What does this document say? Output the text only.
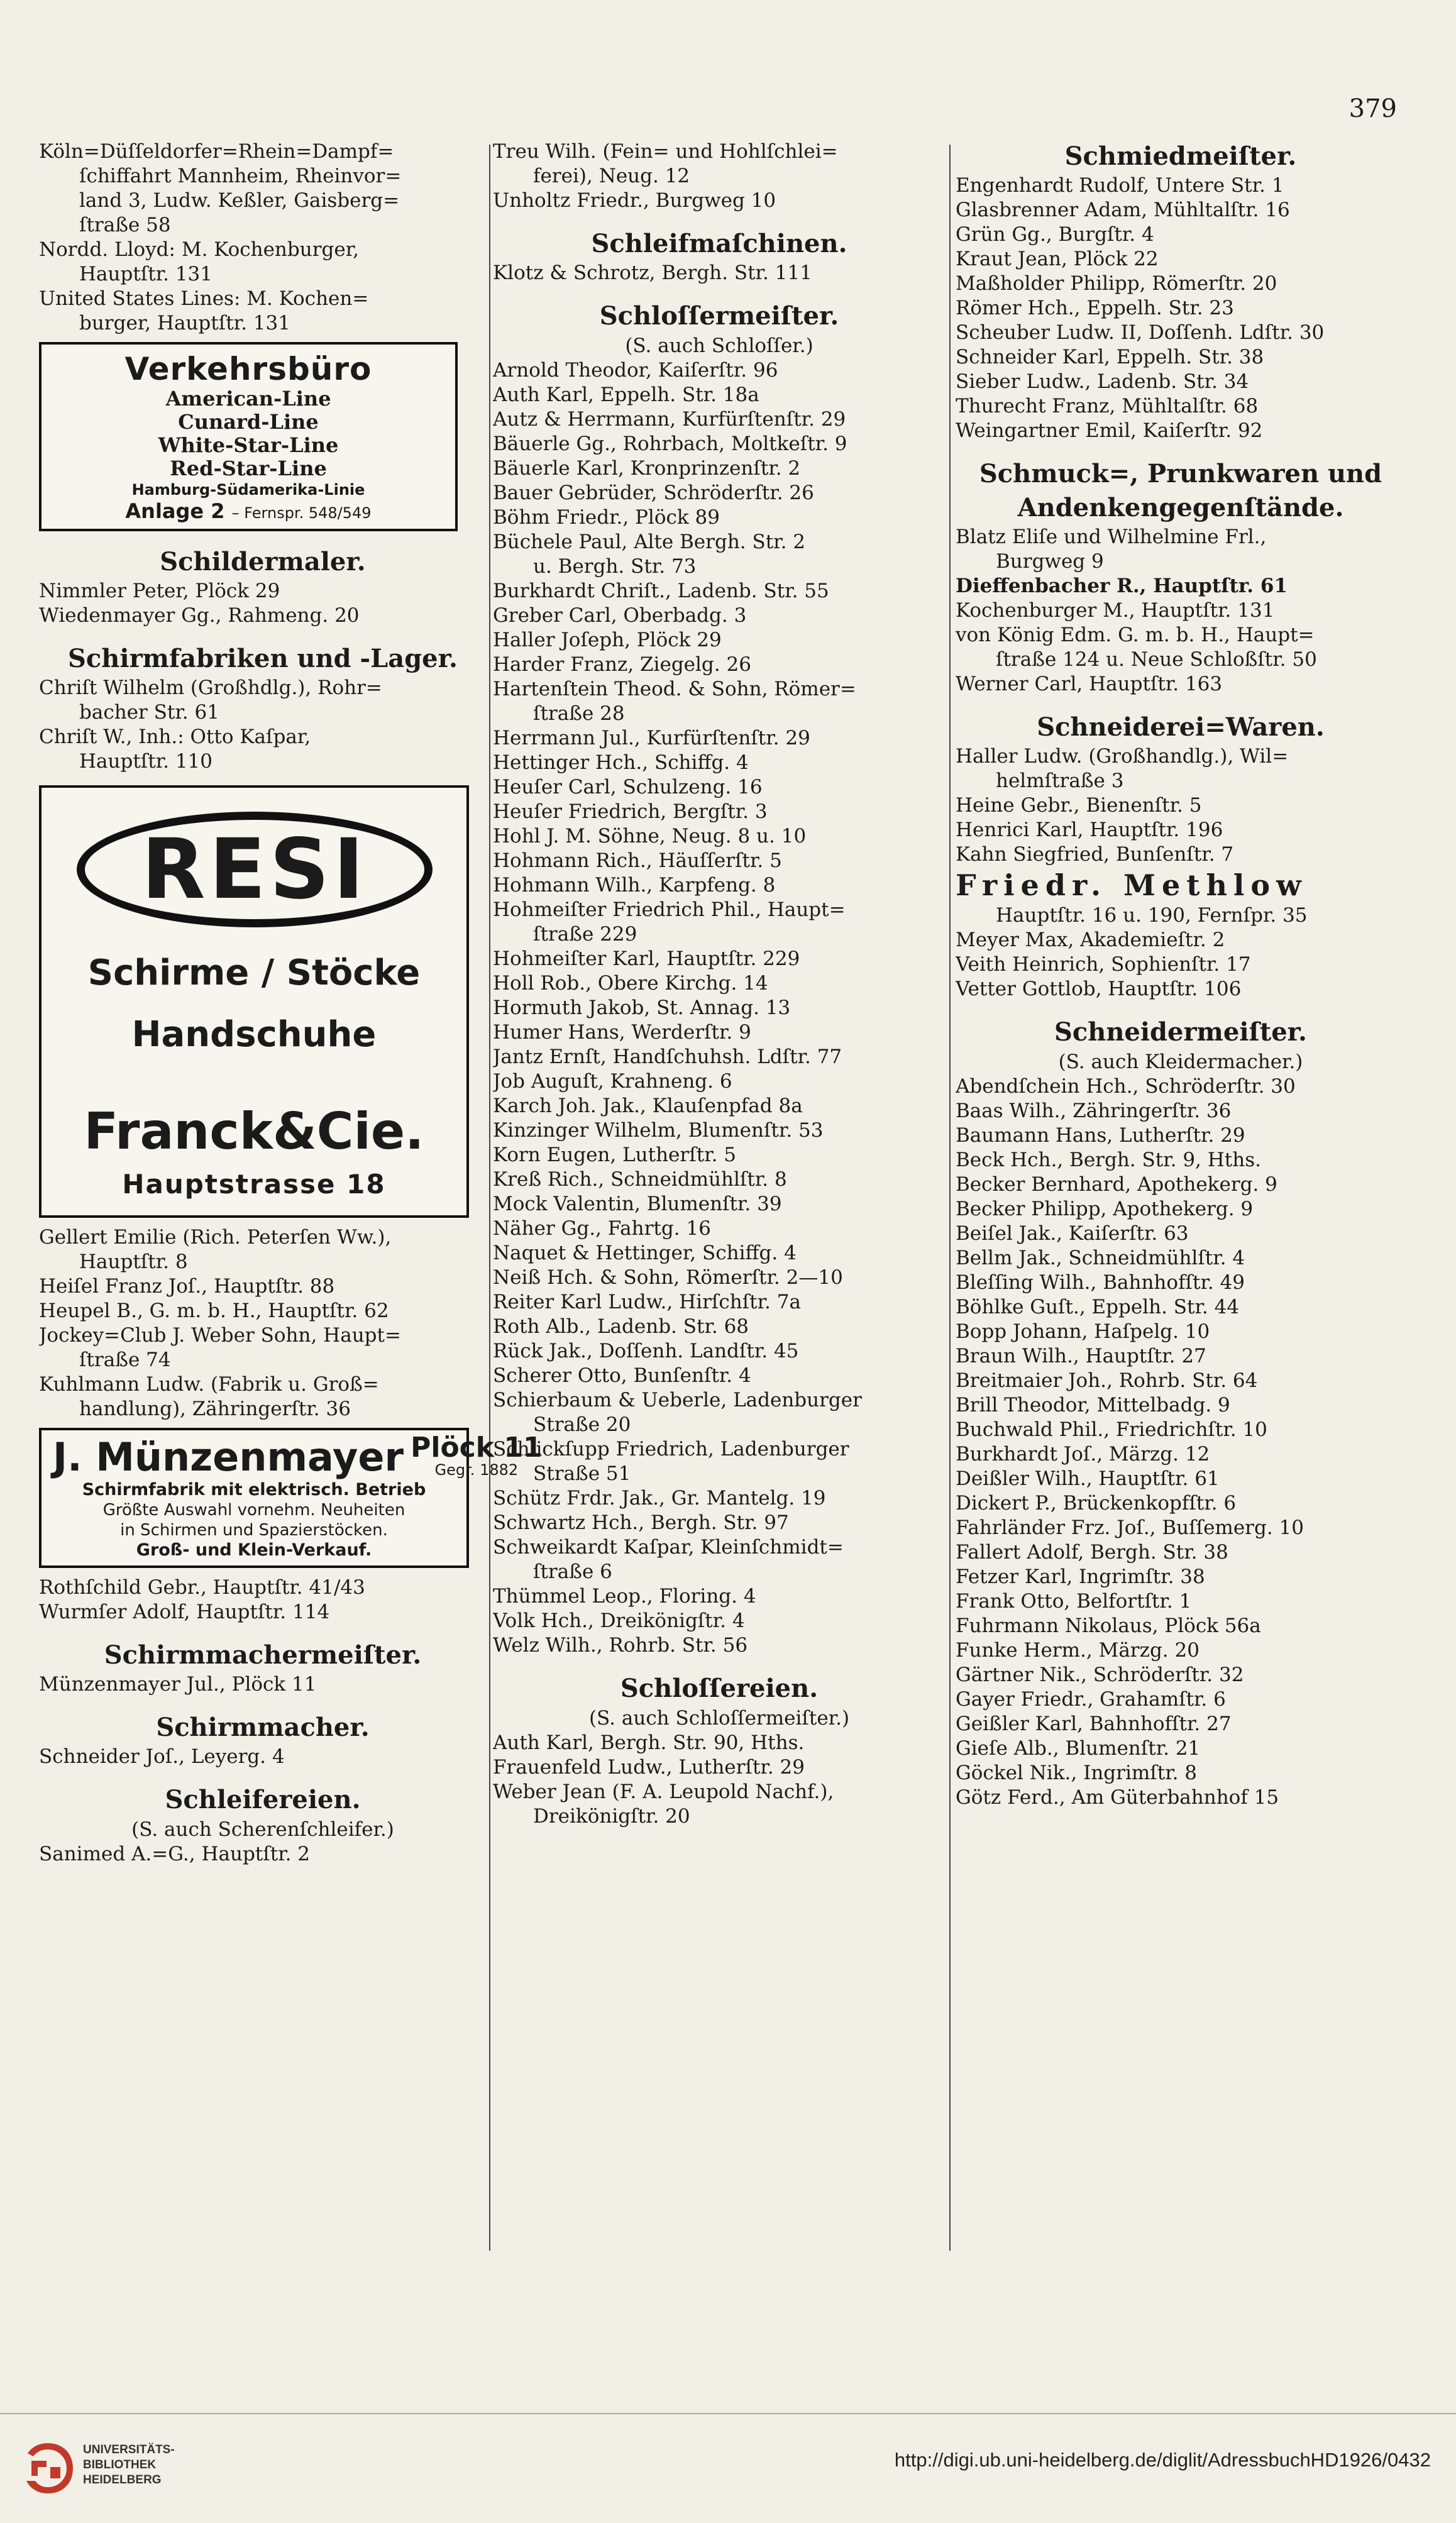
379
Köln=Düſſeldorfer=Rhein=Dampf=
ſchiffahrt Mannheim, Rheinvor=
land 3, Ludw. Keßler, Gaisberg=
ſtraße 58
Nordd. Lloyd: M. Kochenburger,
Hauptſtr. 131
United States Lines: M. Kochen=
burger, Hauptſtr. 131
Verkehrsbüro
American-Line
Cunard-Line
White-Star-Line
Red-Star-Line
Hamburg-Südamerika-Linie
Anlage 2 – Fernspr. 548/549
Schildermaler.
Nimmler Peter, Plöck 29
Wiedenmayer Gg., Rahmeng. 20
Schirmfabriken und -Lager.
Chriſt Wilhelm (Großhdlg.), Rohr=
bacher Str. 61
Chriſt W., Inh.: Otto Kaſpar,
Hauptſtr. 110
RESI
Schirme / Stöcke
Handschuhe
Franck&Cie.
Hauptstrasse 18
Gellert Emilie (Rich. Peterſen Ww.),
Hauptſtr. 8
Heiſel Franz Joſ., Hauptſtr. 88
Heupel B., G. m. b. H., Hauptſtr. 62
Jockey=Club J. Weber Sohn, Haupt=
ſtraße 74
Kuhlmann Ludw. (Fabrik u. Groß=
handlung), Zähringerſtr. 36
J. Münzenmayer Plöck 11
Gegr. 1882
Schirmfabrik mit elektrisch. Betrieb
Größte Auswahl vornehm. Neuheiten
in Schirmen und Spazierstöcken.
Groß- und Klein-Verkauf.
Rothſchild Gebr., Hauptſtr. 41/43
Wurmſer Adolf, Hauptſtr. 114
Schirmmachermeiſter.
Münzenmayer Jul., Plöck 11
Schirmmacher.
Schneider Joſ., Leyerg. 4
Schleifereien.
(S. auch Scherenſchleifer.)
Sanimed A.=G., Hauptſtr. 2
Treu Wilh. (Fein= und Hohlſchlei=
ferei), Neug. 12
Unholtz Friedr., Burgweg 10
Schleifmaſchinen.
Klotz & Schrotz, Bergh. Str. 111
Schloſſermeiſter.
(S. auch Schloſſer.)
Arnold Theodor, Kaiſerſtr. 96
Auth Karl, Eppelh. Str. 18a
Autz & Herrmann, Kurfürſtenſtr. 29
Bäuerle Gg., Rohrbach, Moltkeſtr. 9
Bäuerle Karl, Kronprinzenſtr. 2
Bauer Gebrüder, Schröderſtr. 26
Böhm Friedr., Plöck 89
Büchele Paul, Alte Bergh. Str. 2
u. Bergh. Str. 73
Burkhardt Chriſt., Ladenb. Str. 55
Greber Carl, Oberbadg. 3
Haller Joſeph, Plöck 29
Harder Franz, Ziegelg. 26
Hartenſtein Theod. & Sohn, Römer=
ſtraße 28
Herrmann Jul., Kurfürſtenſtr. 29
Hettinger Hch., Schiffg. 4
Heuſer Carl, Schulzeng. 16
Heuſer Friedrich, Bergſtr. 3
Hohl J. M. Söhne, Neug. 8 u. 10
Hohmann Rich., Häuſſerſtr. 5
Hohmann Wilh., Karpfeng. 8
Hohmeiſter Friedrich Phil., Haupt=
ſtraße 229
Hohmeiſter Karl, Hauptſtr. 229
Holl Rob., Obere Kirchg. 14
Hormuth Jakob, St. Annag. 13
Humer Hans, Werderſtr. 9
Jantz Ernſt, Handſchuhsh. Ldſtr. 77
Job Auguſt, Krahneng. 6
Karch Joh. Jak., Klauſenpfad 8a
Kinzinger Wilhelm, Blumenſtr. 53
Korn Eugen, Lutherſtr. 5
Kreß Rich., Schneidmühlſtr. 8
Mock Valentin, Blumenſtr. 39
Näher Gg., Fahrtg. 16
Naquet & Hettinger, Schiffg. 4
Neiß Hch. & Sohn, Römerſtr. 2—10
Reiter Karl Ludw., Hirſchſtr. 7a
Roth Alb., Ladenb. Str. 68
Rück Jak., Doſſenh. Landſtr. 45
Scherer Otto, Bunſenſtr. 4
Schierbaum & Ueberle, Ladenburger
Straße 20
Schlickſupp Friedrich, Ladenburger
Straße 51
Schütz Frdr. Jak., Gr. Mantelg. 19
Schwartz Hch., Bergh. Str. 97
Schweikardt Kaſpar, Kleinſchmidt=
ſtraße 6
Thümmel Leop., Floring. 4
Volk Hch., Dreikönigſtr. 4
Welz Wilh., Rohrb. Str. 56
Schloſſereien.
(S. auch Schloſſermeiſter.)
Auth Karl, Bergh. Str. 90, Hths.
Frauenfeld Ludw., Lutherſtr. 29
Weber Jean (F. A. Leupold Nachf.),
Dreikönigſtr. 20
Schmiedmeiſter.
Engenhardt Rudolf, Untere Str. 1
Glasbrenner Adam, Mühltalſtr. 16
Grün Gg., Burgſtr. 4
Kraut Jean, Plöck 22
Maßholder Philipp, Römerſtr. 20
Römer Hch., Eppelh. Str. 23
Scheuber Ludw. II, Doſſenh. Ldſtr. 30
Schneider Karl, Eppelh. Str. 38
Sieber Ludw., Ladenb. Str. 34
Thurecht Franz, Mühltalſtr. 68
Weingartner Emil, Kaiſerſtr. 92
Schmuck=, Prunkwaren und
Andenkengegenſtände.
Blatz Eliſe und Wilhelmine Frl.,
Burgweg 9
Dieffenbacher R., Hauptſtr. 61
Kochenburger M., Hauptſtr. 131
von König Edm. G. m. b. H., Haupt=
ſtraße 124 u. Neue Schloßſtr. 50
Werner Carl, Hauptſtr. 163
Schneiderei=Waren.
Haller Ludw. (Großhandlg.), Wil=
helmſtraße 3
Heine Gebr., Bienenſtr. 5
Henrici Karl, Hauptſtr. 196
Kahn Siegfried, Bunſenſtr. 7
Friedr. Methlow
Hauptſtr. 16 u. 190, Fernſpr. 35
Meyer Max, Akademieſtr. 2
Veith Heinrich, Sophienſtr. 17
Vetter Gottlob, Hauptſtr. 106
Schneidermeiſter.
(S. auch Kleidermacher.)
Abendſchein Hch., Schröderſtr. 30
Baas Wilh., Zähringerſtr. 36
Baumann Hans, Lutherſtr. 29
Beck Hch., Bergh. Str. 9, Hths.
Becker Bernhard, Apothekerg. 9
Becker Philipp, Apothekerg. 9
Beiſel Jak., Kaiſerſtr. 63
Bellm Jak., Schneidmühlſtr. 4
Bleſſing Wilh., Bahnhofſtr. 49
Böhlke Guſt., Eppelh. Str. 44
Bopp Johann, Haſpelg. 10
Braun Wilh., Hauptſtr. 27
Breitmaier Joh., Rohrb. Str. 64
Brill Theodor, Mittelbadg. 9
Buchwald Phil., Friedrichſtr. 10
Burkhardt Joſ., Märzg. 12
Deißler Wilh., Hauptſtr. 61
Dickert P., Brückenkopfſtr. 6
Fahrländer Frz. Joſ., Buſſemerg. 10
Fallert Adolf, Bergh. Str. 38
Fetzer Karl, Ingrimſtr. 38
Frank Otto, Belfortſtr. 1
Fuhrmann Nikolaus, Plöck 56a
Funke Herm., Märzg. 20
Gärtner Nik., Schröderſtr. 32
Gayer Friedr., Grahamſtr. 6
Geißler Karl, Bahnhofſtr. 27
Gieſe Alb., Blumenſtr. 21
Göckel Nik., Ingrimſtr. 8
Götz Ferd., Am Güterbahnhof 15
UNIVERSITÄTS-
BIBLIOTHEK
HEIDELBERG
http://digi.ub.uni-heidelberg.de/diglit/AdressbuchHD1926/0432
